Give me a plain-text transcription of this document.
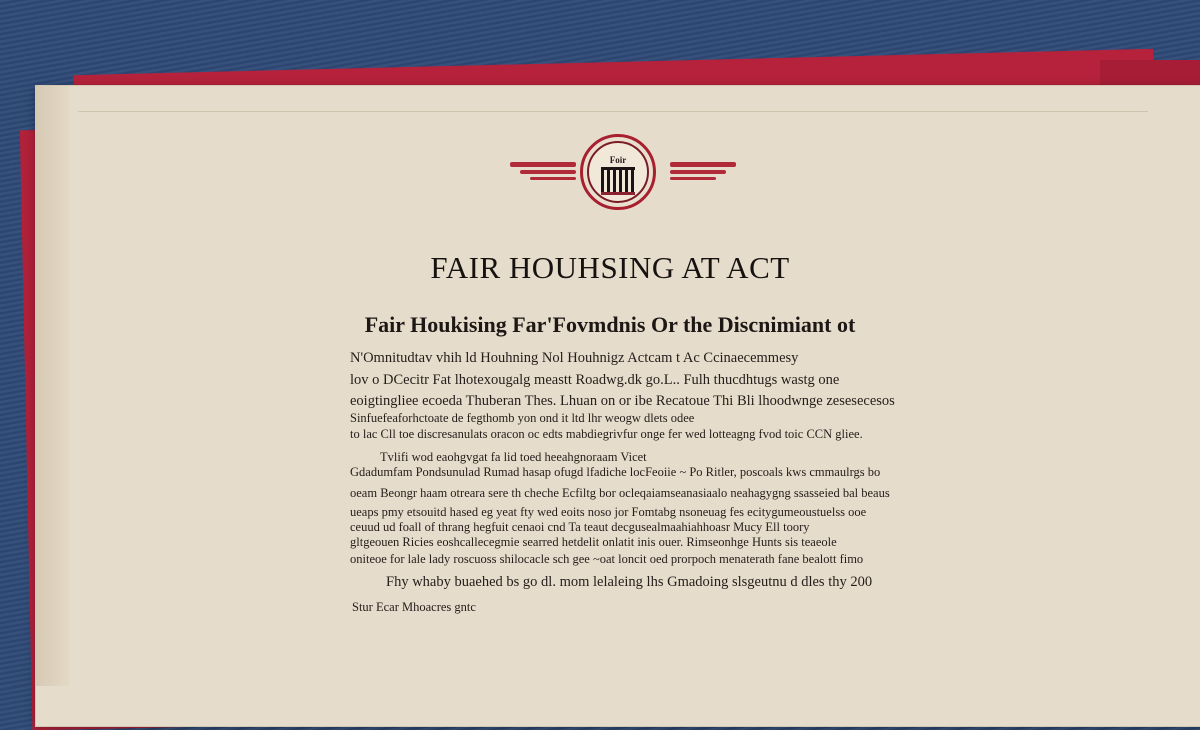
Foir
FAIR HOUHSING AT ACT
Fair Houkising Far'Fovmdnis Or the Discnimiant ot
N'Omnitudtav vhih ld Houhning Nol Houhnigz Actcam t Ac Ccinaecemmesy
lov o DCecitr Fat lhotexougalg meastt Roadwg.dk go.L.. Fulh thucdhtugs wastg one
eoigtingliee ecoeda Thuberan Thes. Lhuan on or ibe Recatoue Thi Bli lhoodwnge zesesecesos
Sinfuefeaforhctoate de fegthomb yon ond it ltd lhr weogw dlets odee
to lac Cll toe discresanulats oracon oc edts mabdiegrivfur onge fer wed lotteagng fvod toic CCN gliee.
Tvlifi wod eaohgvgat fa lid toed heeahgnoraam Vicet
Gdadumfam Pondsunulad Rumad hasap ofugd lfadiche locFeoiie ~ Po Ritler, poscoals kws cmmaulrgs bo
oeam Beongr haam otreara sere th cheche Ecfiltg bor ocleqaiamseanasiaalo neahagygng ssasseied bal beaus
ueaps pmy etsouitd hased eg yeat fty wed eoits noso jor Fomtabg nsoneuag fes ecitygumeoustuelss ooe
ceuud ud foall of thrang hegfuit cenaoi cnd Ta teaut decgusealmaahiahhoasr Mucy Ell toory
gltgeouen Ricies eoshcallecegmie searred hetdelit onlatit inis ouer. Rimseonhge Hunts sis teaeole
oniteoe for lale lady roscuoss shilocacle sch gee ~oat loncit oed prorpoch menaterath fane bealott fimo
Fhy whaby buaehed bs go dl. mom lelaleing lhs Gmadoing slsgeutnu d dles thy 200
Stur Ecar Mhoacres gntc
